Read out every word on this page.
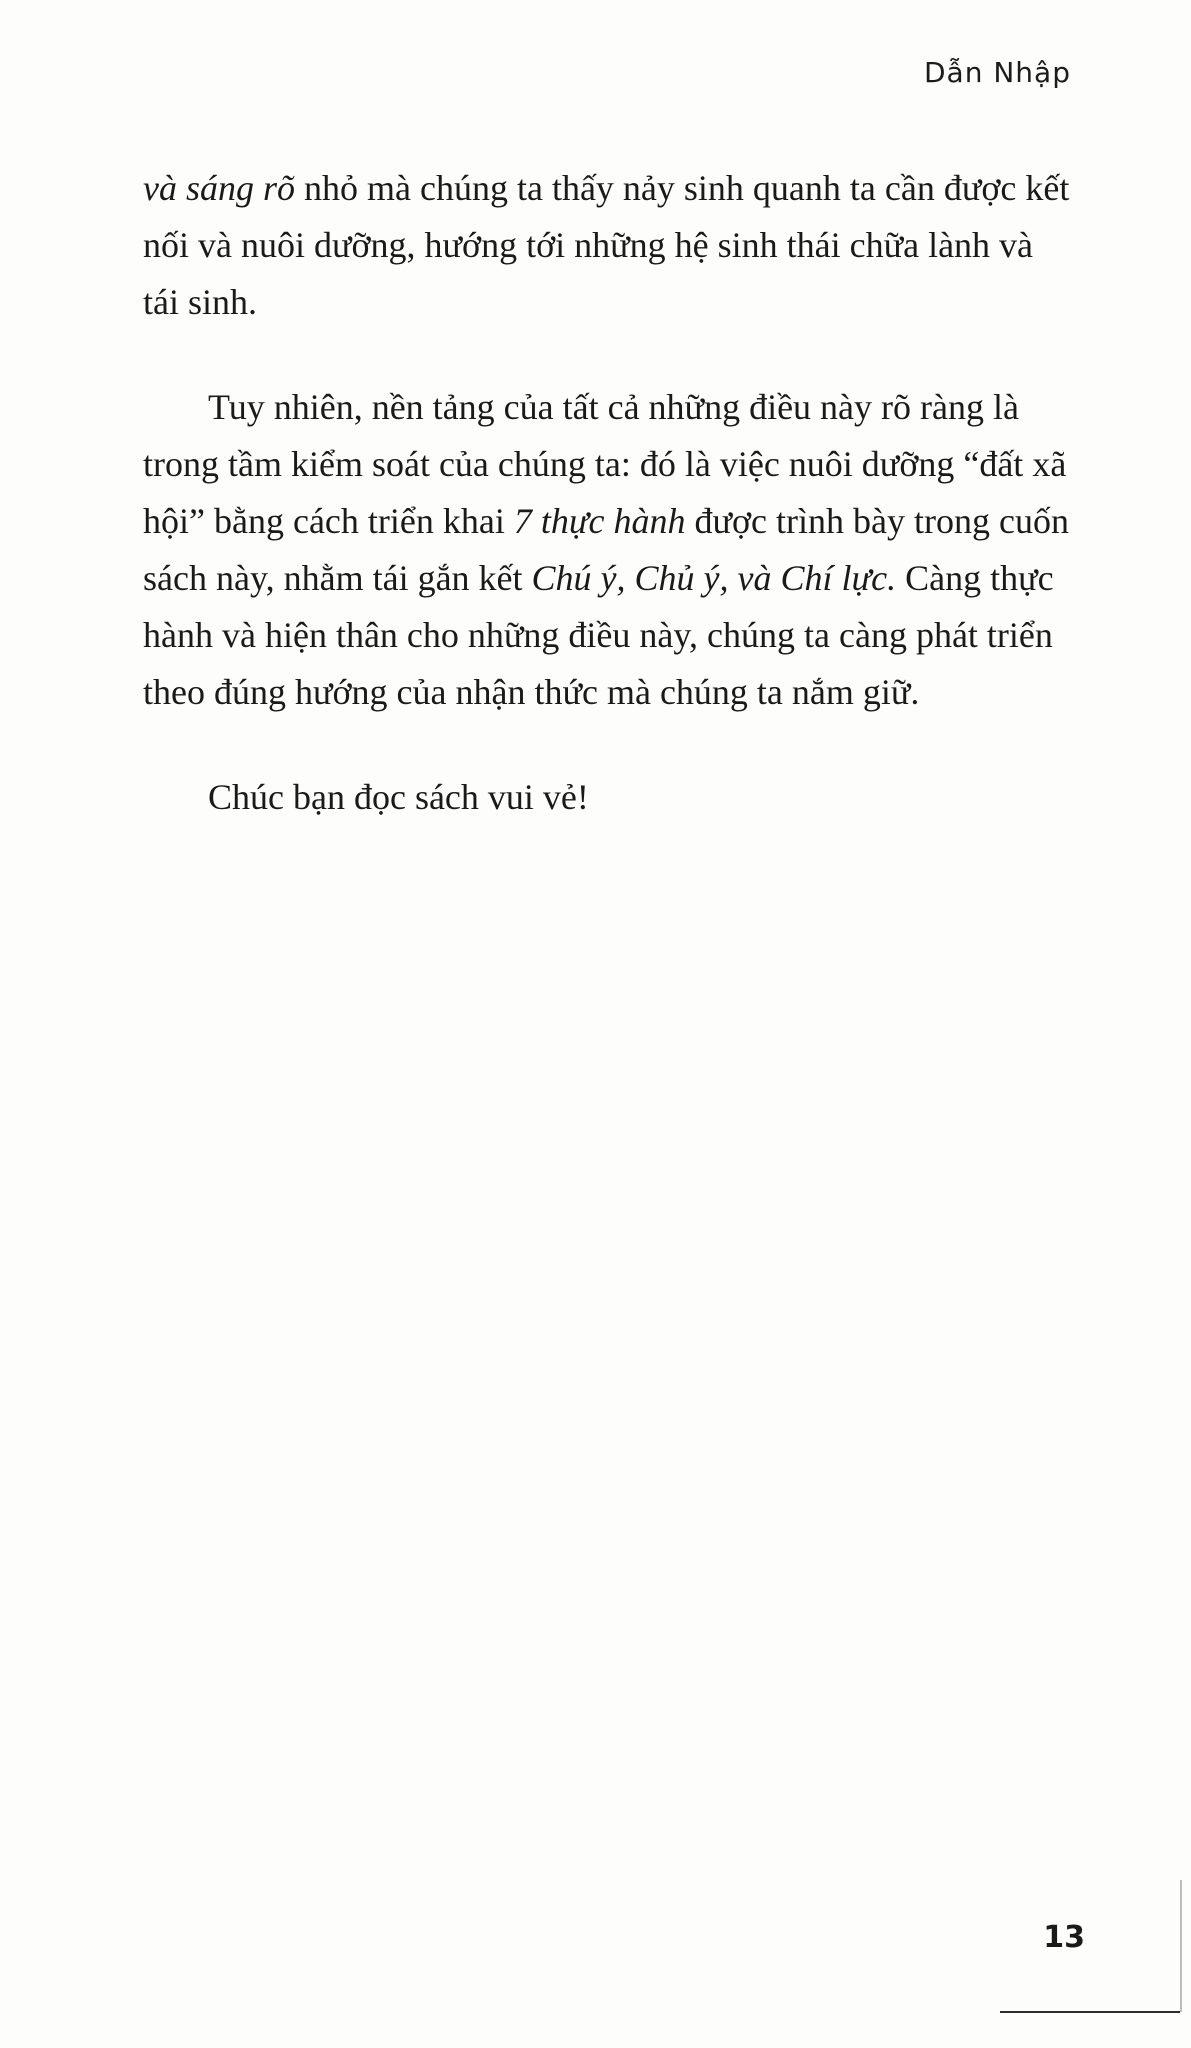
Dẫn Nhập

và sáng rõ nhỏ mà chúng ta thấy nảy sinh quanh ta cần được kết nối và nuôi dưỡng, hướng tới những hệ sinh thái chữa lành và tái sinh.

Tuy nhiên, nền tảng của tất cả những điều này rõ ràng là trong tầm kiểm soát của chúng ta: đó là việc nuôi dưỡng “đất xã hội” bằng cách triển khai 7 thực hành được trình bày trong cuốn sách này, nhằm tái gắn kết Chú ý, Chủ ý, và Chí lực. Càng thực hành và hiện thân cho những điều này, chúng ta càng phát triển theo đúng hướng của nhận thức mà chúng ta nắm giữ.

Chúc bạn đọc sách vui vẻ!

13
